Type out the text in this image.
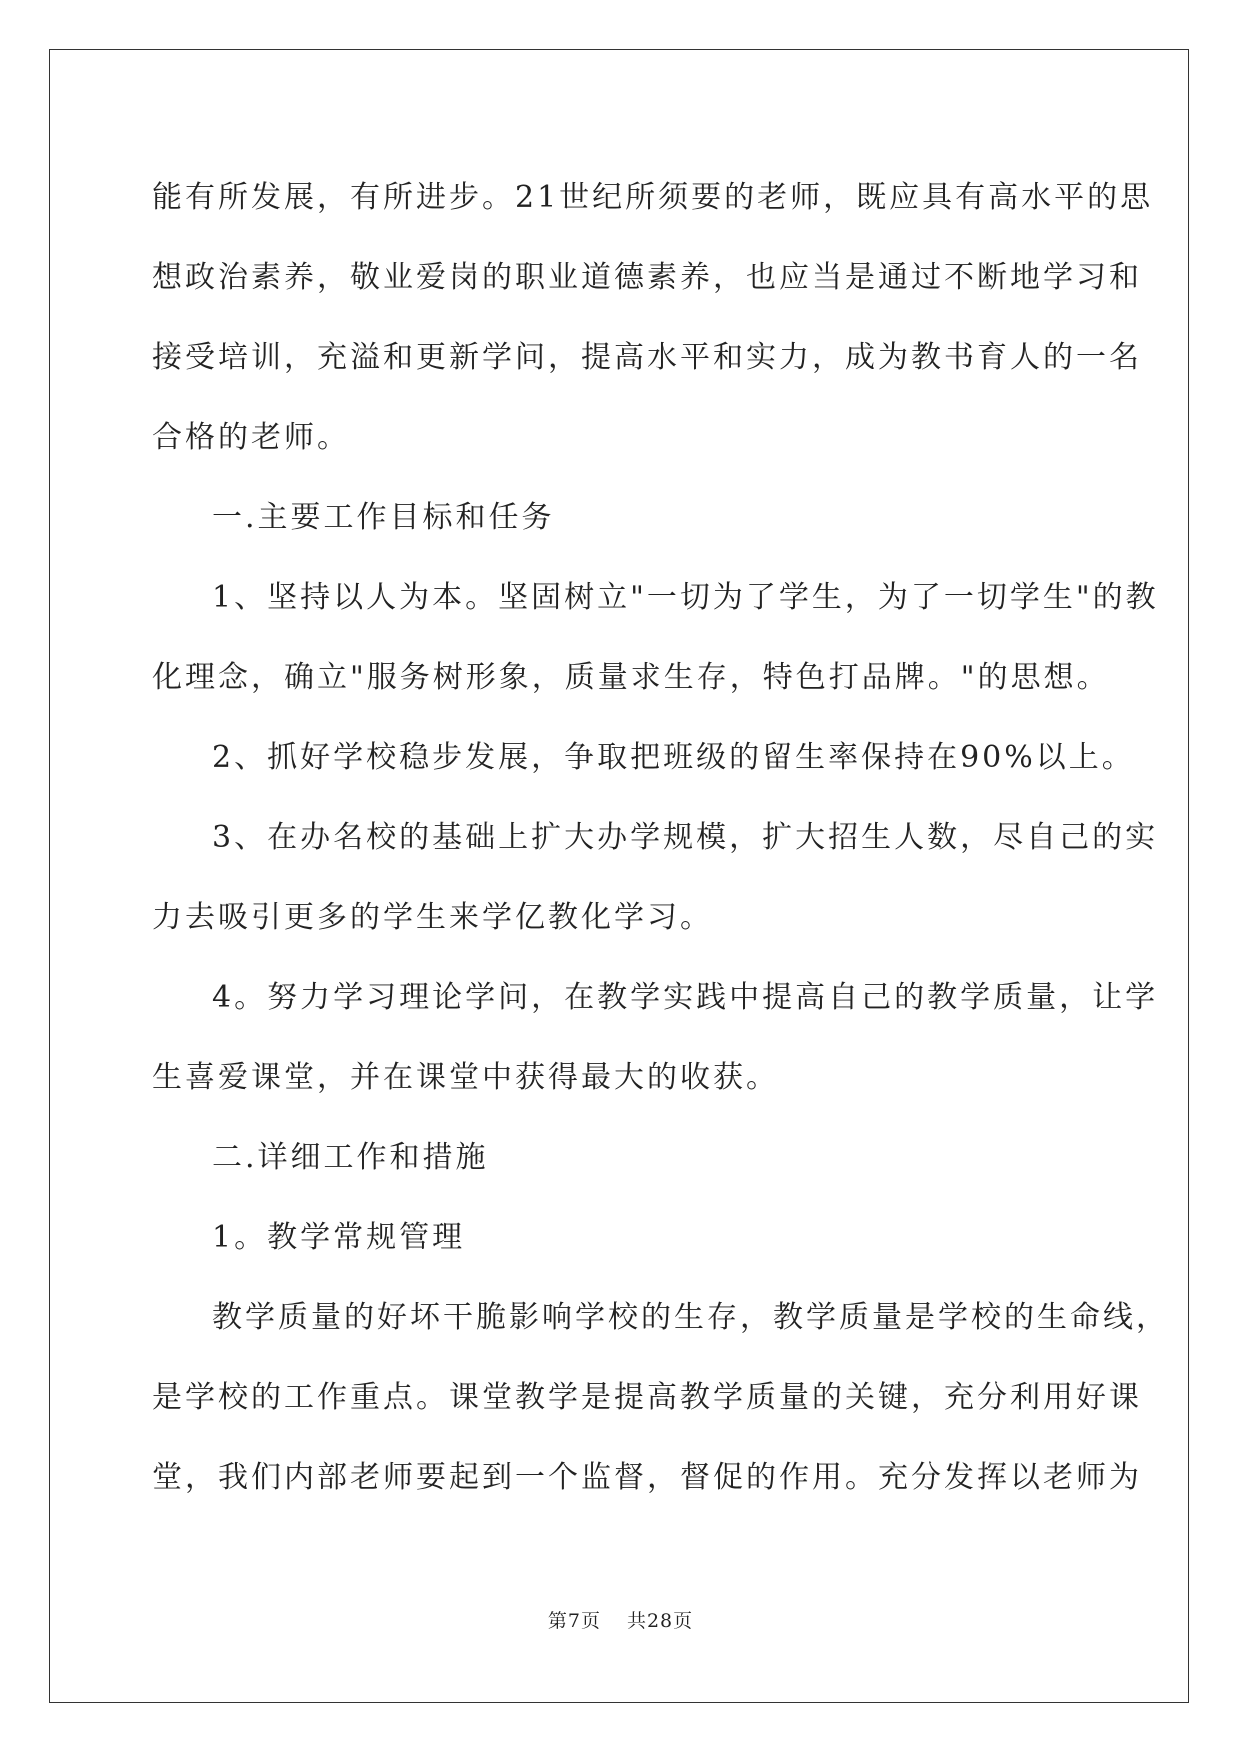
能有所发展，有所进步。21世纪所须要的老师，既应具有高水平的思

想政治素养，敬业爱岗的职业道德素养，也应当是通过不断地学习和

接受培训，充溢和更新学问，提高水平和实力，成为教书育人的一名

合格的老师。

一.主要工作目标和任务

1、坚持以人为本。坚固树立"一切为了学生，为了一切学生"的教

化理念，确立"服务树形象，质量求生存，特色打品牌。"的思想。

2、抓好学校稳步发展，争取把班级的留生率保持在90%以上。

3、在办名校的基础上扩大办学规模，扩大招生人数，尽自己的实

力去吸引更多的学生来学亿教化学习。

4。努力学习理论学问，在教学实践中提高自己的教学质量，让学

生喜爱课堂，并在课堂中获得最大的收获。

二.详细工作和措施

1。教学常规管理

教学质量的好坏干脆影响学校的生存，教学质量是学校的生命线，

是学校的工作重点。课堂教学是提高教学质量的关键，充分利用好课

堂，我们内部老师要起到一个监督，督促的作用。充分发挥以老师为

第7页 共28页
